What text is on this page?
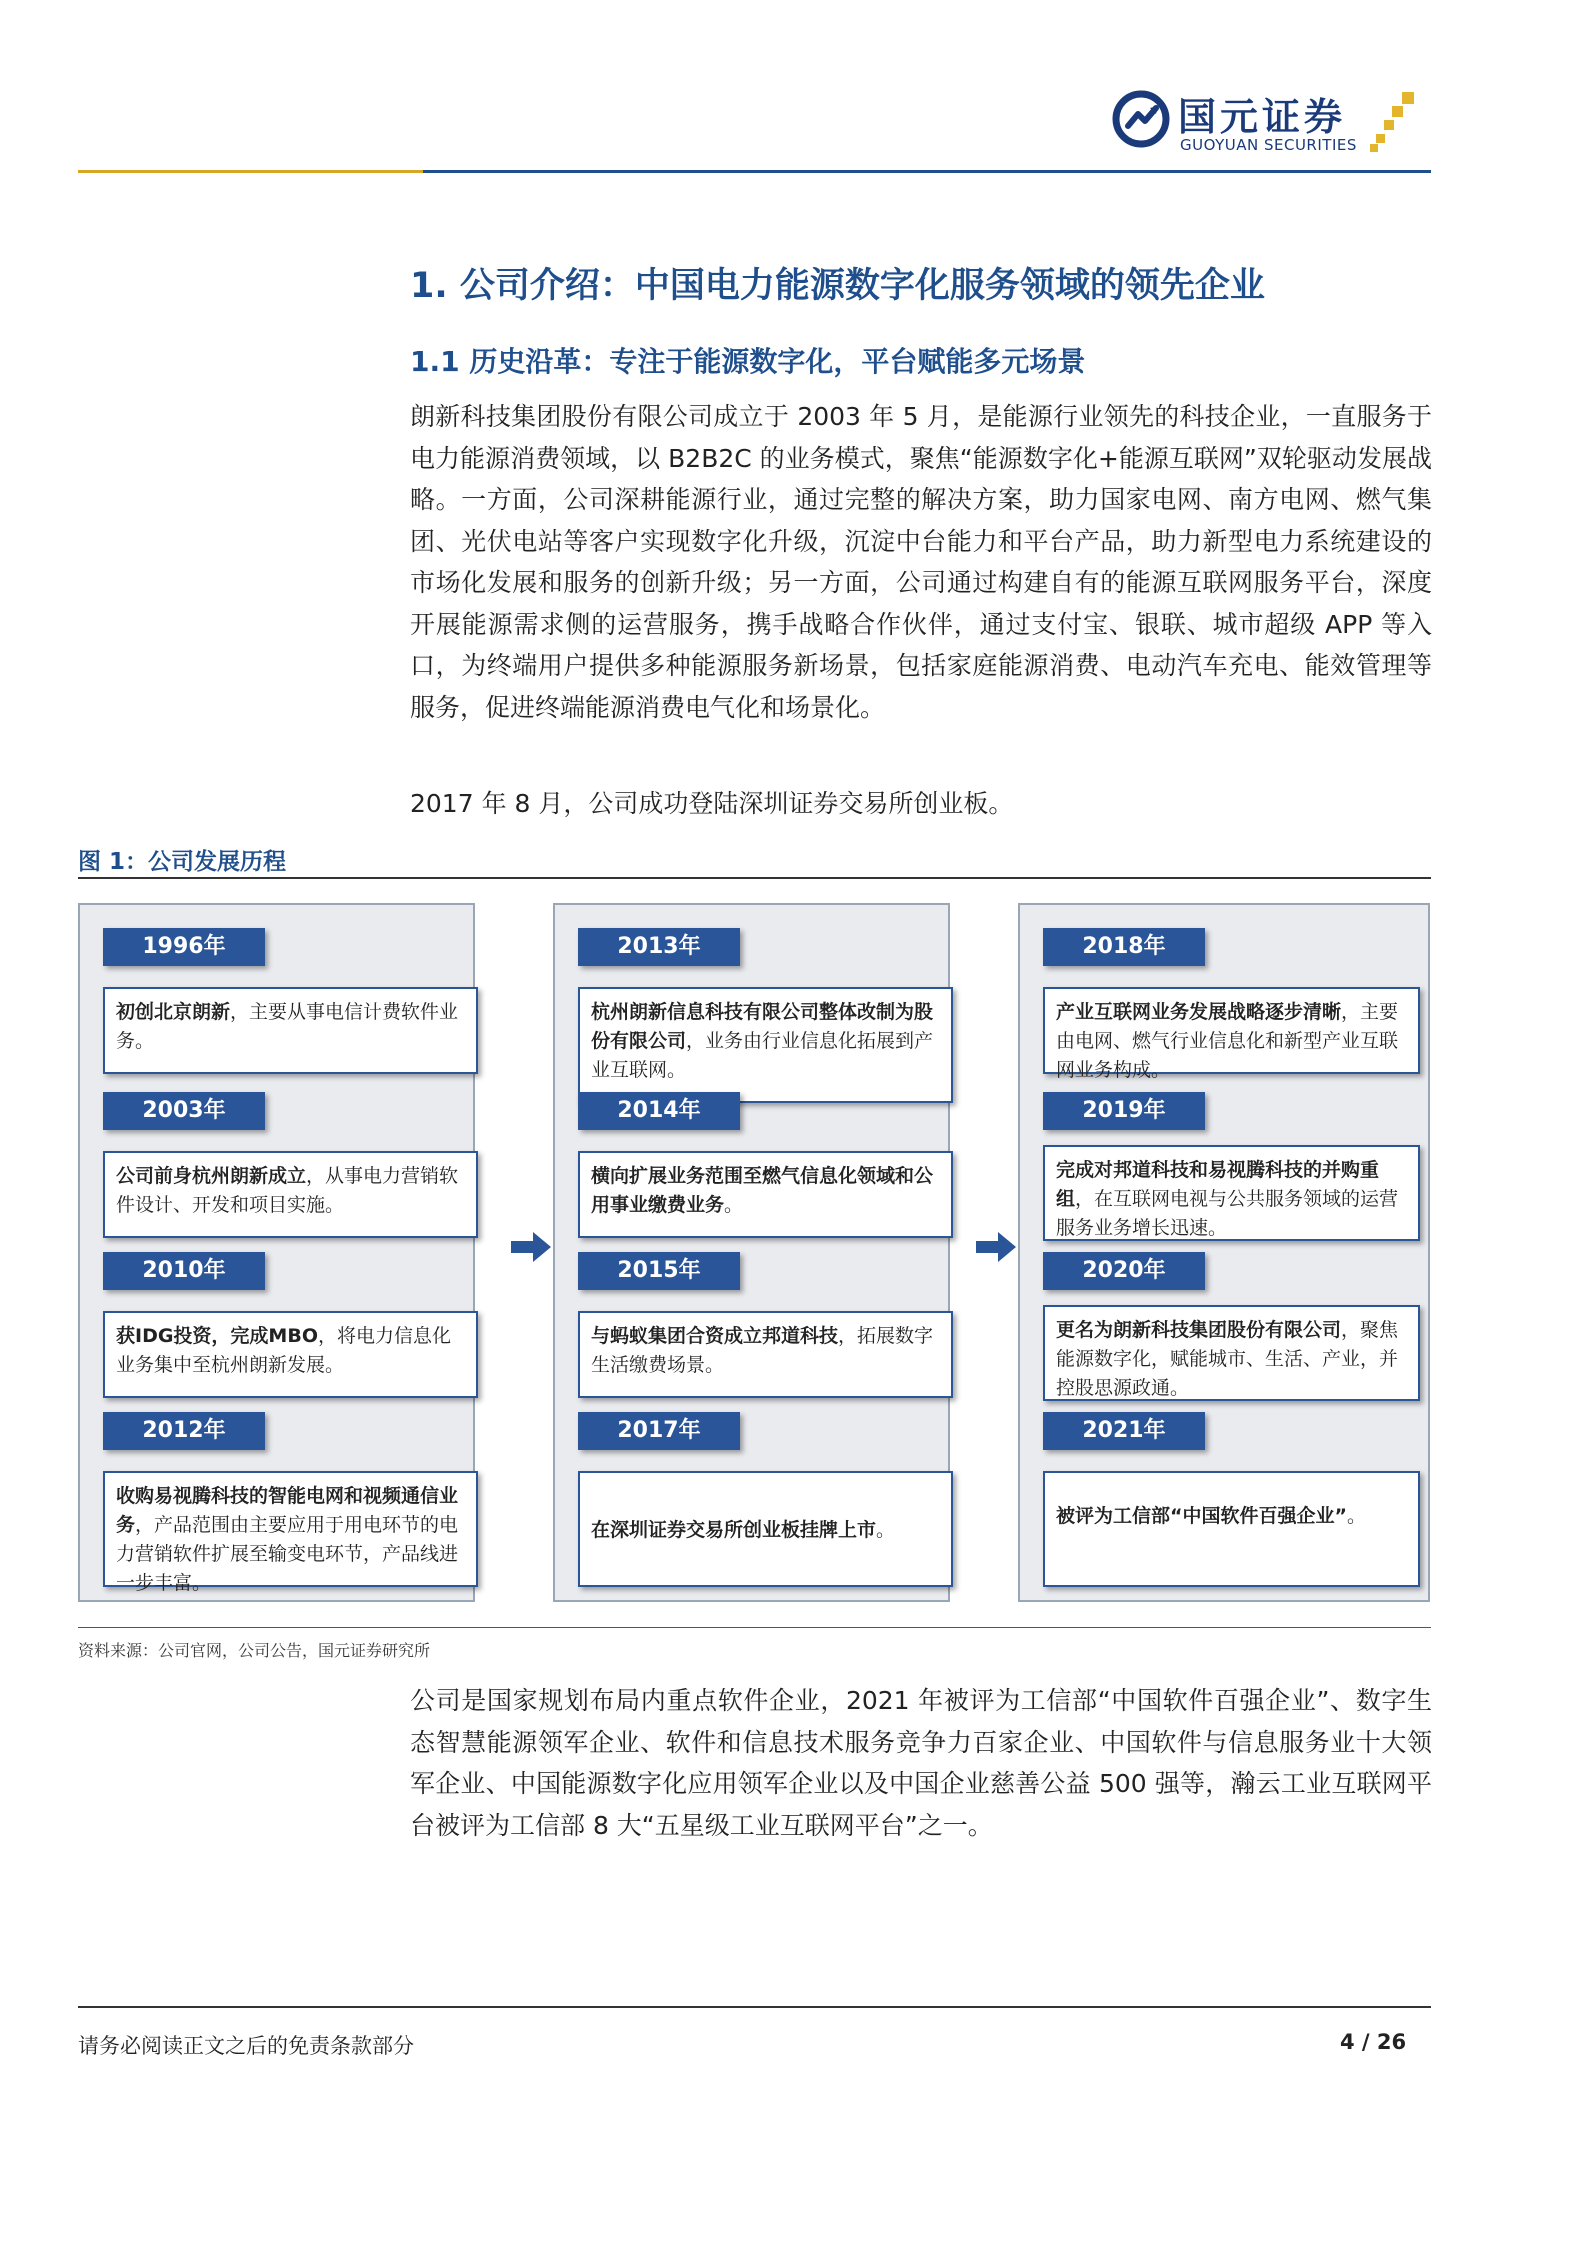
国元证券
GUOYUAN SECURITIES
1. 公司介绍：中国电力能源数字化服务领域的领先企业
1.1 历史沿革：专注于能源数字化，平台赋能多元场景
朗新科技集团股份有限公司成立于 2003 年 5 月，是能源行业领先的科技企业，一直服务于电力能源消费领域，以 B2B2C 的业务模式，聚焦“能源数字化+能源互联网”双轮驱动发展战略。一方面，公司深耕能源行业，通过完整的解决方案，助力国家电网、南方电网、燃气集团、光伏电站等客户实现数字化升级，沉淀中台能力和平台产品，助力新型电力系统建设的市场化发展和服务的创新升级；另一方面，公司通过构建自有的能源互联网服务平台，深度开展能源需求侧的运营服务，携手战略合作伙伴，通过支付宝、银联、城市超级 APP 等入口，为终端用户提供多种能源服务新场景，包括家庭能源消费、电动汽车充电、能效管理等服务，促进终端能源消费电气化和场景化。
2017 年 8 月，公司成功登陆深圳证券交易所创业板。
图 1：公司发展历程
1996年
初创北京朗新，主要从事电信计费软件业务。
2003年
公司前身杭州朗新成立，从事电力营销软件设计、开发和项目实施。
2010年
获IDG投资，完成MBO，将电力信息化业务集中至杭州朗新发展。
2012年
收购易视腾科技的智能电网和视频通信业务，产品范围由主要应用于用电环节的电力营销软件扩展至输变电环节，产品线进一步丰富。
2013年
杭州朗新信息科技有限公司整体改制为股份有限公司，业务由行业信息化拓展到产业互联网。
2014年
横向扩展业务范围至燃气信息化领域和公用事业缴费业务。
2015年
与蚂蚁集团合资成立邦道科技，拓展数字生活缴费场景。
2017年
在深圳证券交易所创业板挂牌上市。
2018年
产业互联网业务发展战略逐步清晰，主要由电网、燃气行业信息化和新型产业互联网业务构成。
2019年
完成对邦道科技和易视腾科技的并购重组，在互联网电视与公共服务领域的运营服务业务增长迅速。
2020年
更名为朗新科技集团股份有限公司，聚焦能源数字化，赋能城市、生活、产业，并控股思源政通。
2021年
被评为工信部“中国软件百强企业”。
资料来源：公司官网，公司公告，国元证券研究所
公司是国家规划布局内重点软件企业，2021 年被评为工信部“中国软件百强企业”、数字生态智慧能源领军企业、软件和信息技术服务竞争力百家企业、中国软件与信息服务业十大领军企业、中国能源数字化应用领军企业以及中国企业慈善公益 500 强等，瀚云工业互联网平台被评为工信部 8 大“五星级工业互联网平台”之一。
请务必阅读正文之后的免责条款部分	4 / 26
